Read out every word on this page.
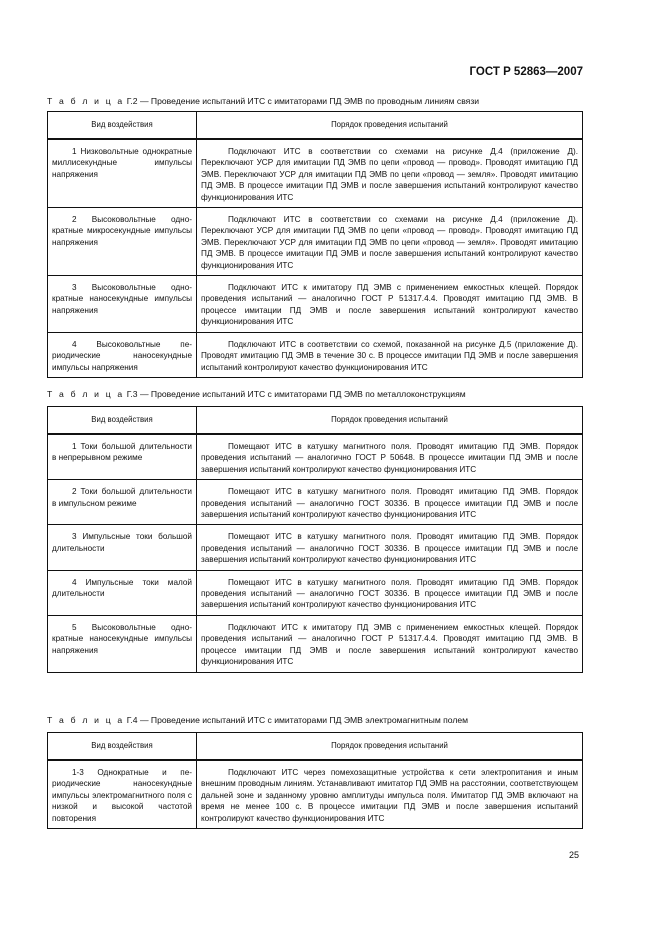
ГОСТ Р 52863—2007
Т а б л и ц а Г.2 — Проведение испытаний ИТС с имитаторами ПД ЭМВ по проводным линиям связи
Вид воздействия	Порядок проведения испытаний
1 Низковольтные однократные миллисекундные импульсы напряжения	Подключают ИТС в соответствии со схемами на рисунке Д.4 (приложение Д). Переключают УСР для имитации ПД ЭМВ по цепи «провод — провод». Проводят имитацию ПД ЭМВ. Переключают УСР для имитации ПД ЭМВ по цепи «провод — земля». Проводят имитацию ПД ЭМВ. В процессе имитации ПД ЭМВ и после завершения испытаний контролируют качество функционирования ИТС
2 Высоковольтные однократные микросекундные импульсы напряжения	Подключают ИТС в соответствии со схемами на рисунке Д.4 (приложение Д). Переключают УСР для имитации ПД ЭМВ по цепи «провод — провод». Проводят имитацию ПД ЭМВ. Переключают УСР для имитации ПД ЭМВ по цепи «провод — земля». Проводят имитацию ПД ЭМВ. В процессе имитации ПД ЭМВ и после завершения испытаний контролируют качество функционирования ИТС
3 Высоковольтные однократные наносекундные импульсы напряжения	Подключают ИТС к имитатору ПД ЭМВ с применением емкостных клещей. Порядок проведения испытаний — аналогично ГОСТ Р 51317.4.4. Проводят имитацию ПД ЭМВ. В процессе имитации ПД ЭМВ и после завершения испытаний контролируют качество функционирования ИТС
4 Высоковольтные периодические наносекундные импульсы напряжения	Подключают ИТС в соответствии со схемой, показанной на рисунке Д.5 (приложение Д). Проводят имитацию ПД ЭМВ в течение 30 с. В процессе имитации ПД ЭМВ и после завершения испытаний контролируют качество функционирования ИТС
Т а б л и ц а Г.3 — Проведение испытаний ИТС с имитаторами ПД ЭМВ по металлоконструкциям
Вид воздействия	Порядок проведения испытаний
1 Токи большой длительности в непрерывном режиме	Помещают ИТС в катушку магнитного поля. Проводят имитацию ПД ЭМВ. Порядок проведения испытаний — аналогично ГОСТ Р 50648. В процессе имитации ПД ЭМВ и после завершения испытаний контролируют качество функционирования ИТС
2 Токи большой длительности в импульсном режиме	Помещают ИТС в катушку магнитного поля. Проводят имитацию ПД ЭМВ. Порядок проведения испытаний — аналогично ГОСТ 30336. В процессе имитации ПД ЭМВ и после завершения испытаний контролируют качество функционирования ИТС
3 Импульсные токи большой длительности	Помещают ИТС в катушку магнитного поля. Проводят имитацию ПД ЭМВ. Порядок проведения испытаний — аналогично ГОСТ 30336. В процессе имитации ПД ЭМВ и после завершения испытаний контролируют качество функционирования ИТС
4 Импульсные токи малой длительности	Помещают ИТС в катушку магнитного поля. Проводят имитацию ПД ЭМВ. Порядок проведения испытаний — аналогично ГОСТ 30336. В процессе имитации ПД ЭМВ и после завершения испытаний контролируют качество функционирования ИТС
5 Высоковольтные однократные наносекундные импульсы напряжения	Подключают ИТС к имитатору ПД ЭМВ с применением емкостных клещей. Порядок проведения испытаний — аналогично ГОСТ Р 51317.4.4. Проводят имитацию ПД ЭМВ. В процессе имитации ПД ЭМВ и после завершения испытаний контролируют качество функционирования ИТС
Т а б л и ц а Г.4 — Проведение испытаний ИТС с имитаторами ПД ЭМВ электромагнитным полем
Вид воздействия	Порядок проведения испытаний
1-3 Однократные и периодические наносекундные импульсы электромагнитного поля с низкой и высокой частотой повторения	Подключают ИТС через помехозащитные устройства к сети электропитания и иным внешним проводным линиям. Устанавливают имитатор ПД ЭМВ на расстоянии, соответствующем дальней зоне и заданному уровню амплитуды импульса поля. Имитатор ПД ЭМВ включают на время не менее 100 с. В процессе имитации ПД ЭМВ и после завершения испытаний контролируют качество функционирования ИТС
25
